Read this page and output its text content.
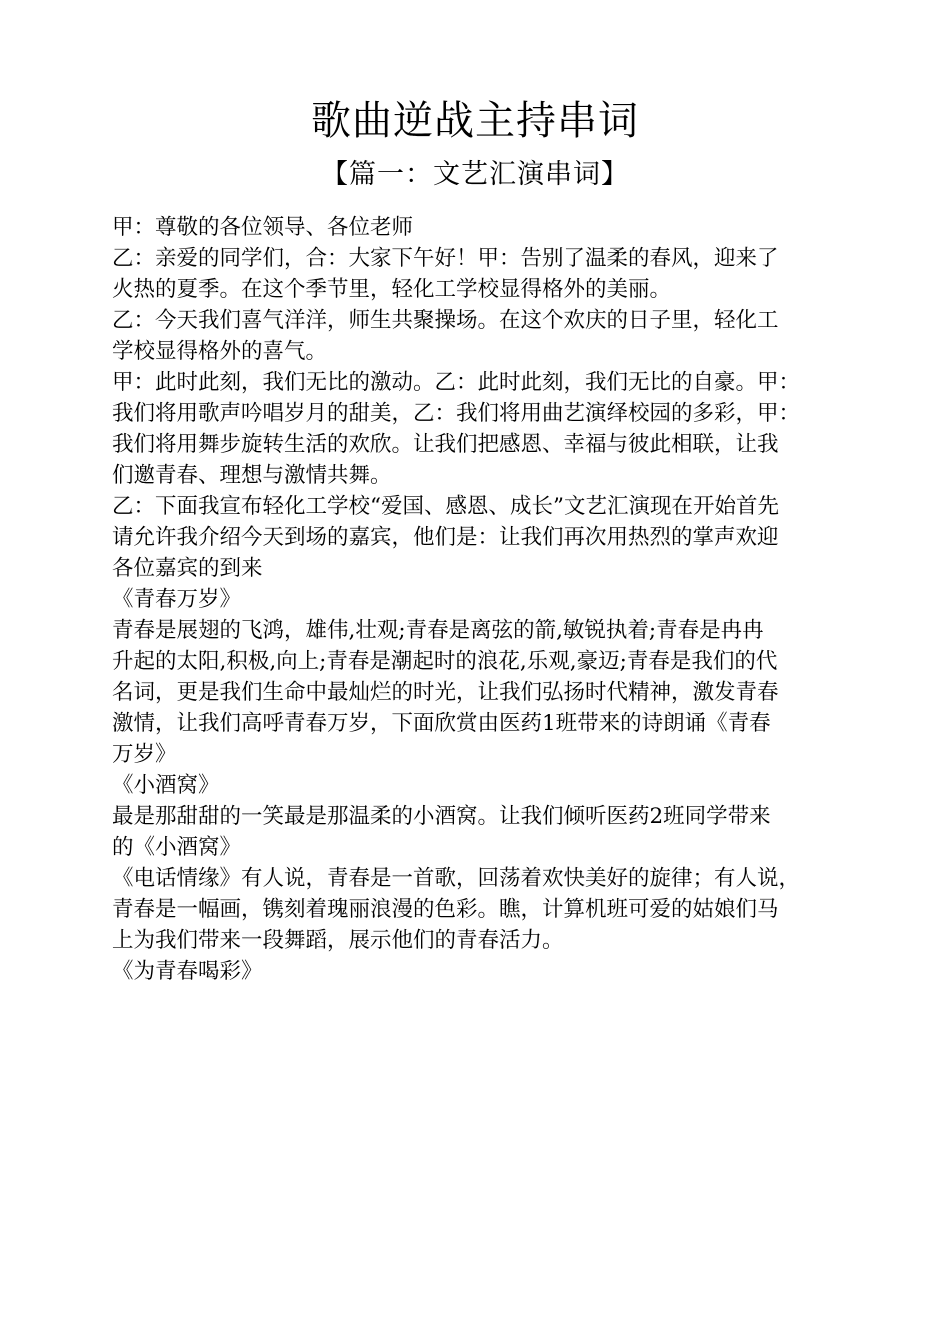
歌曲逆战主持串词
【篇一：文艺汇演串词】
甲：尊敬的各位领导、各位老师
乙：亲爱的同学们，合：大家下午好！甲：告别了温柔的春风，迎来了
火热的夏季。在这个季节里，轻化工学校显得格外的美丽。
乙：今天我们喜气洋洋，师生共聚操场。在这个欢庆的日子里，轻化工
学校显得格外的喜气。
甲：此时此刻，我们无比的激动。乙：此时此刻，我们无比的自豪。甲：
我们将用歌声吟唱岁月的甜美，乙：我们将用曲艺演绎校园的多彩，甲：
我们将用舞步旋转生活的欢欣。让我们把感恩、幸福与彼此相联，让我
们邀青春、理想与激情共舞。
乙：下面我宣布轻化工学校“爱国、感恩、成长”文艺汇演现在开始首先
请允许我介绍今天到场的嘉宾，他们是：让我们再次用热烈的掌声欢迎
各位嘉宾的到来
《青春万岁》
青春是展翅的飞鸿，雄伟,壮观;青春是离弦的箭,敏锐执着;青春是冉冉
升起的太阳,积极,向上;青春是潮起时的浪花,乐观,豪迈;青春是我们的代
名词，更是我们生命中最灿烂的时光，让我们弘扬时代精神，激发青春
激情，让我们高呼青春万岁，下面欣赏由医药1班带来的诗朗诵《青春
万岁》
《小酒窝》
最是那甜甜的一笑最是那温柔的小酒窝。让我们倾听医药2班同学带来
的《小酒窝》
《电话情缘》有人说，青春是一首歌，回荡着欢快美好的旋律；有人说，
青春是一幅画，镌刻着瑰丽浪漫的色彩。瞧，计算机班可爱的姑娘们马
上为我们带来一段舞蹈，展示他们的青春活力。
《为青春喝彩》
